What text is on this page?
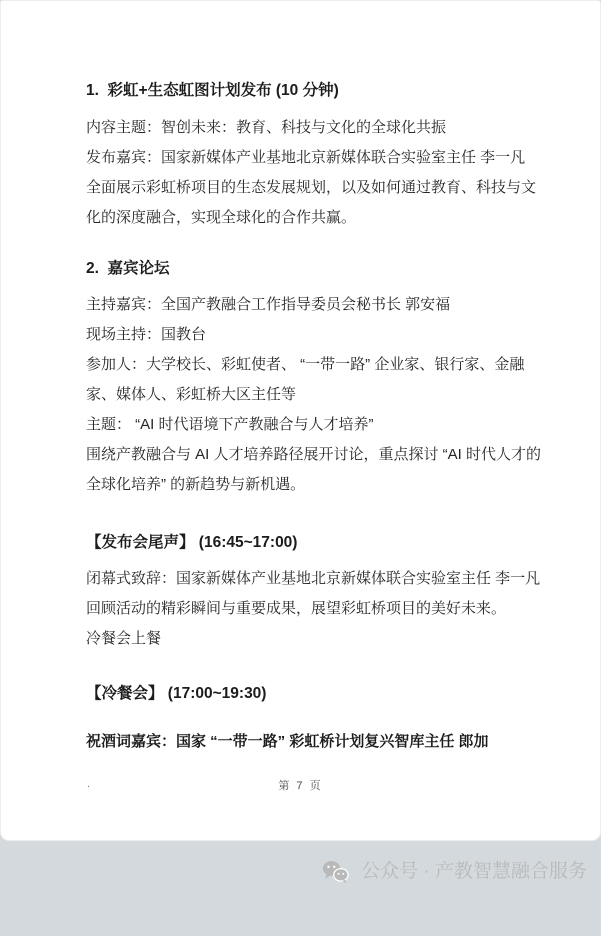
1.  彩虹+生态虹图计划发布 (10 分钟)
内容主题：智创未来：教育、科技与文化的全球化共振
发布嘉宾：国家新媒体产业基地北京新媒体联合实验室主任 李一凡
全面展示彩虹桥项目的生态发展规划，以及如何通过教育、科技与文
化的深度融合，实现全球化的合作共赢。
2.  嘉宾论坛
主持嘉宾：全国产教融合工作指导委员会秘书长 郭安福
现场主持：国教台
参加人：大学校长、彩虹使者、 “一带一路” 企业家、银行家、金融
家、媒体人、彩虹桥大区主任等
主题： “AI 时代语境下产教融合与人才培养”
围绕产教融合与 AI 人才培养路径展开讨论，重点探讨 “AI 时代人才的
全球化培养” 的新趋势与新机遇。
【发布会尾声】 (16:45~17:00)
闭幕式致辞：国家新媒体产业基地北京新媒体联合实验室主任 李一凡
回顾活动的精彩瞬间与重要成果，展望彩虹桥项目的美好未来。
冷餐会上餐
【冷餐会】 (17:00~19:30)
祝酒词嘉宾：国家 “一带一路” 彩虹桥计划复兴智库主任 郎加
.	第 7 页

公众号 · 产教智慧融合服务
